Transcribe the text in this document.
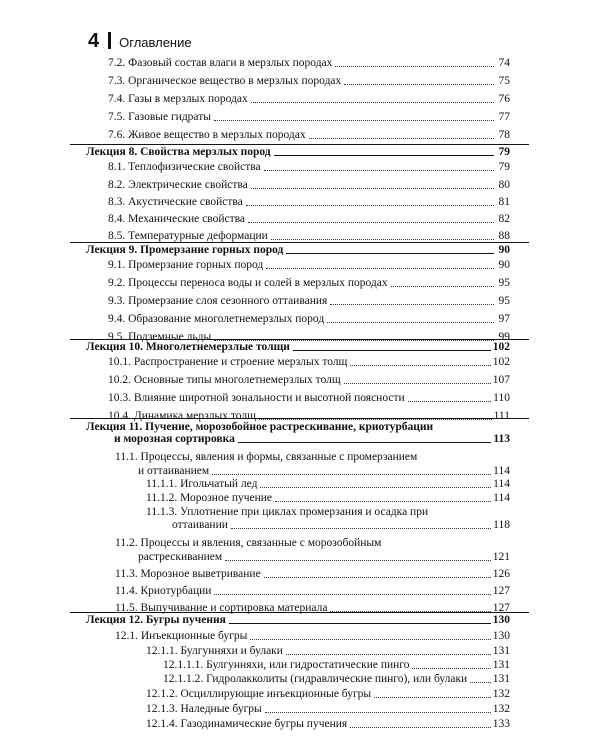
4 Оглавление
7.2. Фазовый состав влаги в мерзлых породах	74
7.3. Органическое вещество в мерзлых породах	75
7.4. Газы в мерзлых породах	76
7.5. Газовые гидраты	77
7.6. Живое вещество в мерзлых породах	78
Лекция 8. Свойства мерзлых пород	79
8.1. Теплофизические свойства	79
8.2. Электрические свойства	80
8.3. Акустические свойства	81
8.4. Механические свойства	82
8.5. Температурные деформации	88
Лекция 9. Промерзание горных пород	90
9.1. Промерзание горных пород	90
9.2. Процессы переноса воды и солей в мерзлых породах	95
9.3. Промерзание слоя сезонного оттаивания	95
9.4. Образование многолетнемерзлых пород	97
9.5. Подземные льды	99
Лекция 10. Многолетнемерзлые толщи	102
10.1. Распространение и строение мерзлых толщ	102
10.2. Основные типы многолетнемерзлых толщ	107
10.3. Влияние широтной зональности и высотной поясности	110
10.4. Динамика мерзлых толщ	111
Лекция 11. Пучение, морозобойное растрескивание, криотурбации
и морозная сортировка	113
11.1. Процессы, явления и формы, связанные с промерзанием
и оттаиванием	114
11.1.1. Игольчатый лед	114
11.1.2. Морозное пучение	114
11.1.3. Уплотнение при циклах промерзания и осадка при
оттаивании	118
11.2. Процессы и явления, связанные с морозобойным
растрескиванием	121
11.3. Морозное выветривание	126
11.4. Криотурбации	127
11.5. Выпучивание и сортировка материала	127
Лекция 12. Бугры пучения	130
12.1. Инъекционные бугры	130
12.1.1. Булгунняхи и булаки	131
12.1.1.1. Булгунняхи, или гидростатические пинго	131
12.1.1.2. Гидролакколиты (гидравлические пинго), или булаки 131
12.1.2. Осциллирующие инъекционные бугры	132
12.1.3. Наледные бугры	132
12.1.4. Газодинамические бугры пучения	133
